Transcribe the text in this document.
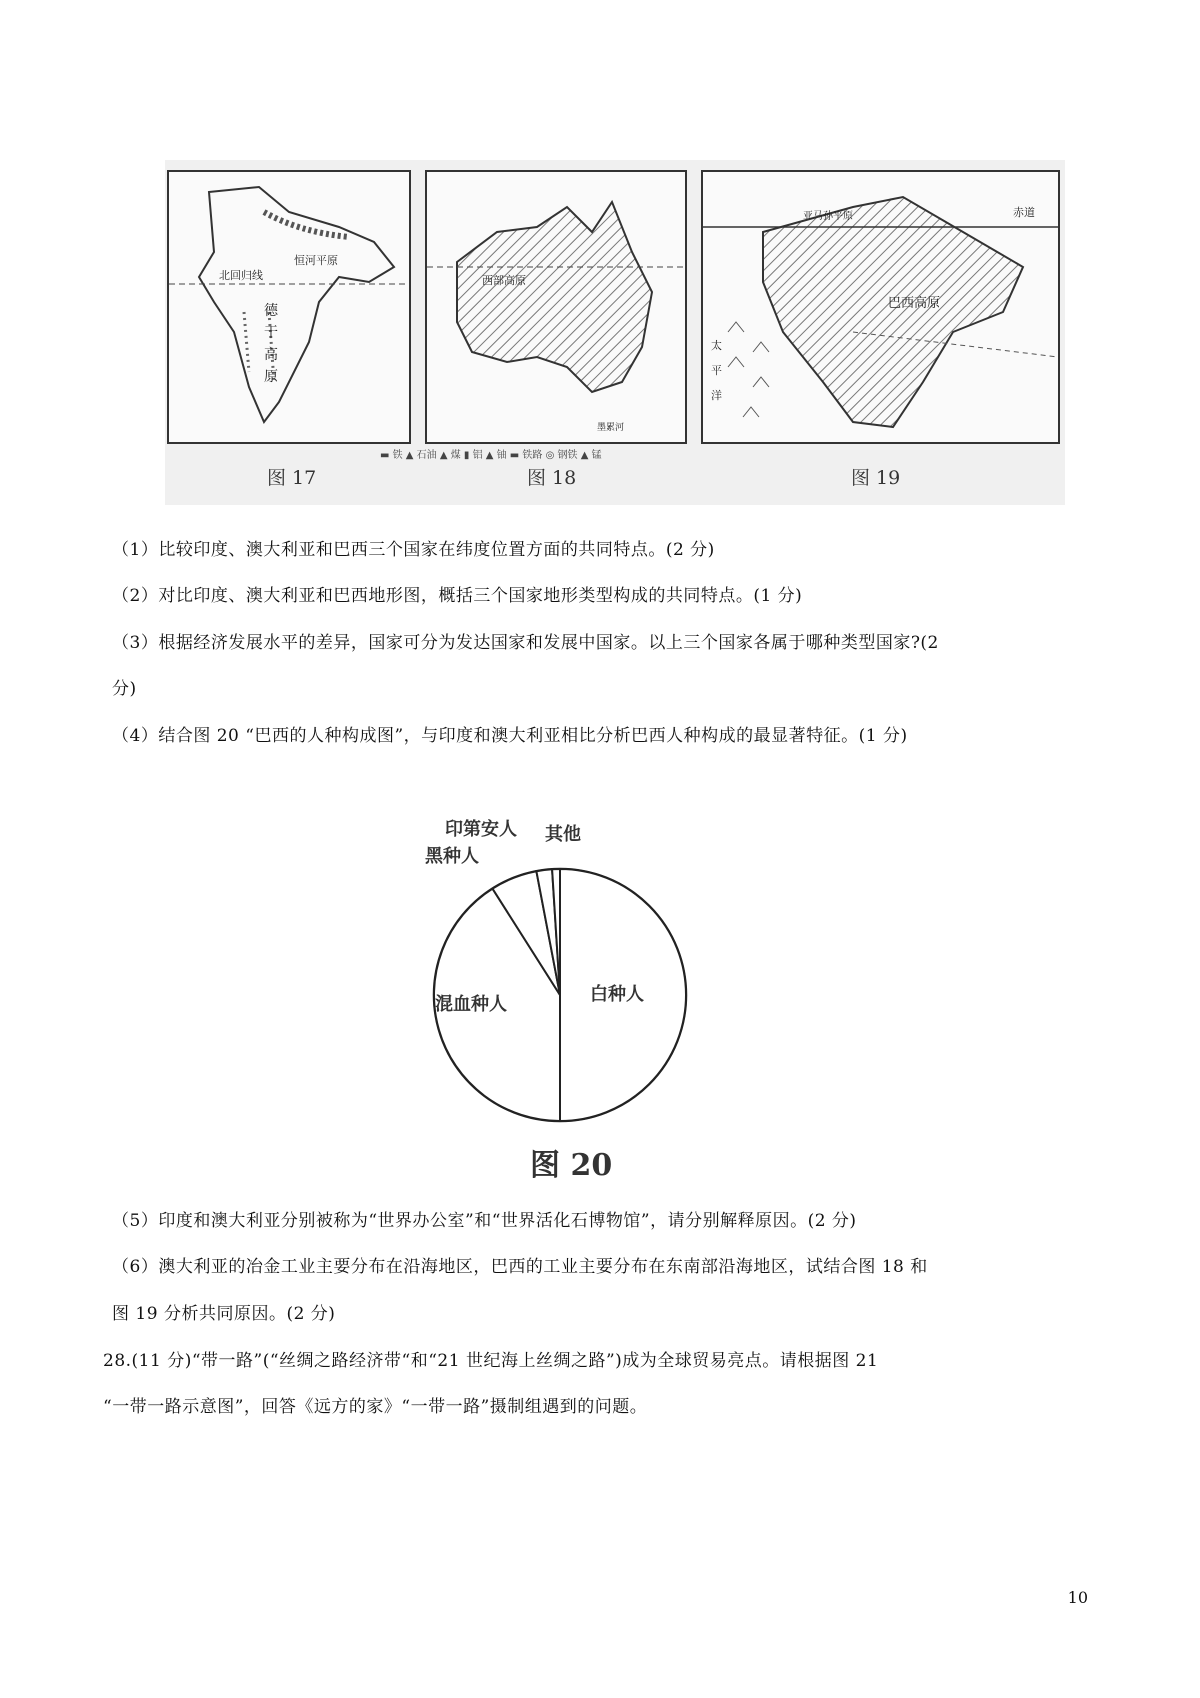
北回归线
恒河平原
德
干
高
原
西部高原
墨累河
赤道
亚马孙平原
巴西高原
太
平
洋
▬ 铁 ▲ 石油 ▲ 煤 ▮ 铝 ▲ 铀 ▬ 铁路 ◎ 钢铁 ▲ 锰
图 17	图 18	图 19
（1）比较印度、澳大利亚和巴西三个国家在纬度位置方面的共同特点。(2 分)
（2）对比印度、澳大利亚和巴西地形图，概括三个国家地形类型构成的共同特点。(1 分)
（3）根据经济发展水平的差异，国家可分为发达国家和发展中国家。以上三个国家各属于哪种类型国家?(2
分)
（4）结合图 20 “巴西的人种构成图”，与印度和澳大利亚相比分析巴西人种构成的最显著特征。(1 分)
白种人
混血种人
黑种人
印第安人 其他
图 20
（5）印度和澳大利亚分别被称为“世界办公室”和“世界活化石博物馆”，请分别解释原因。(2 分)
（6）澳大利亚的冶金工业主要分布在沿海地区，巴西的工业主要分布在东南部沿海地区，试结合图 18 和
图 19 分析共同原因。(2 分)
28.(11 分)“带一路”(“丝绸之路经济带“和“21 世纪海上丝绸之路”)成为全球贸易亮点。请根据图 21
“一带一路示意图”，回答《远方的家》“一带一路”摄制组遇到的问题。
10
